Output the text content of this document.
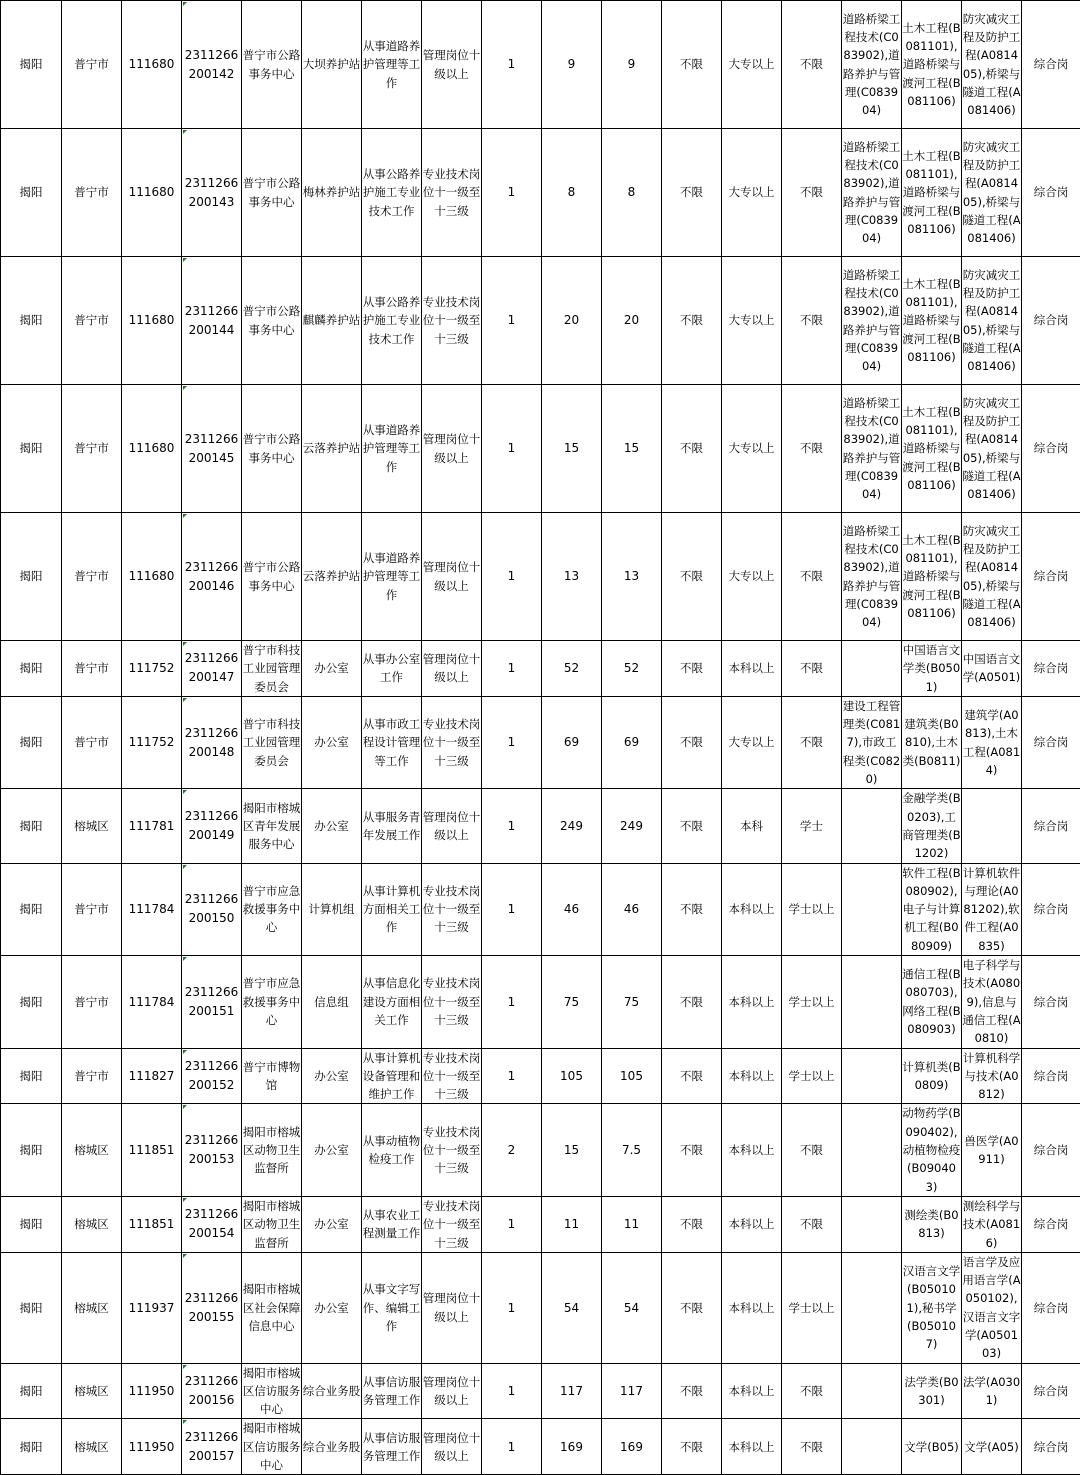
揭阳	普宁市	111680	2311266200142	普宁市公路事务中心	大坝养护站	从事道路养护管理等工作	管理岗位十级以上	1	9	9	不限	大专以上	不限	道路桥梁工程技术(C083902),道路养护与管理(C083904)	土木工程(B081101),道路桥梁与渡河工程(B081106)	防灾减灾工程及防护工程(A081405),桥梁与隧道工程(A081406)	综合岗
揭阳	普宁市	111680	2311266200143	普宁市公路事务中心	梅林养护站	从事公路养护施工专业技术工作	专业技术岗位十一级至十三级	1	8	8	不限	大专以上	不限	道路桥梁工程技术(C083902),道路养护与管理(C083904)	土木工程(B081101),道路桥梁与渡河工程(B081106)	防灾减灾工程及防护工程(A081405),桥梁与隧道工程(A081406)	综合岗
揭阳	普宁市	111680	2311266200144	普宁市公路事务中心	麒麟养护站	从事公路养护施工专业技术工作	专业技术岗位十一级至十三级	1	20	20	不限	大专以上	不限	道路桥梁工程技术(C083902),道路养护与管理(C083904)	土木工程(B081101),道路桥梁与渡河工程(B081106)	防灾减灾工程及防护工程(A081405),桥梁与隧道工程(A081406)	综合岗
揭阳	普宁市	111680	2311266200145	普宁市公路事务中心	云落养护站	从事道路养护管理等工作	管理岗位十级以上	1	15	15	不限	大专以上	不限	道路桥梁工程技术(C083902),道路养护与管理(C083904)	土木工程(B081101),道路桥梁与渡河工程(B081106)	防灾减灾工程及防护工程(A081405),桥梁与隧道工程(A081406)	综合岗
揭阳	普宁市	111680	2311266200146	普宁市公路事务中心	云落养护站	从事道路养护管理等工作	管理岗位十级以上	1	13	13	不限	大专以上	不限	道路桥梁工程技术(C083902),道路养护与管理(C083904)	土木工程(B081101),道路桥梁与渡河工程(B081106)	防灾减灾工程及防护工程(A081405),桥梁与隧道工程(A081406)	综合岗
揭阳	普宁市	111752	2311266200147	普宁市科技工业园管理委员会	办公室	从事办公室工作	管理岗位十级以上	1	52	52	不限	本科以上	不限		中国语言文学类(B0501)	中国语言文学(A0501)	综合岗
揭阳	普宁市	111752	2311266200148	普宁市科技工业园管理委员会	办公室	从事市政工程设计管理等工作	专业技术岗位十一级至十三级	1	69	69	不限	大专以上	不限	建设工程管理类(C0817),市政工程类(C0820)	建筑类(B0810),土木类(B0811)	建筑学(A0813),土木工程(A0814)	综合岗
揭阳	榕城区	111781	2311266200149	揭阳市榕城区青年发展服务中心	办公室	从事服务青年发展工作	管理岗位十级以上	1	249	249	不限	本科	学士		金融学类(B0203),工商管理类(B1202)		综合岗
揭阳	普宁市	111784	2311266200150	普宁市应急救援事务中心	计算机组	从事计算机方面相关工作	专业技术岗位十一级至十三级	1	46	46	不限	本科以上	学士以上		软件工程(B080902),电子与计算机工程(B080909)	计算机软件与理论(A081202),软件工程(A0835)	综合岗
揭阳	普宁市	111784	2311266200151	普宁市应急救援事务中心	信息组	从事信息化建设方面相关工作	专业技术岗位十一级至十三级	1	75	75	不限	本科以上	学士以上		通信工程(B080703),网络工程(B080903)	电子科学与技术(A0809),信息与通信工程(A0810)	综合岗
揭阳	普宁市	111827	2311266200152	普宁市博物馆	办公室	从事计算机设备管理和维护工作	专业技术岗位十一级至十三级	1	105	105	不限	本科以上	学士以上		计算机类(B0809)	计算机科学与技术(A0812)	综合岗
揭阳	榕城区	111851	2311266200153	揭阳市榕城区动物卫生监督所	办公室	从事动植物检疫工作	专业技术岗位十一级至十三级	2	15	7.5	不限	本科以上	不限		动物药学(B090402),动植物检疫(B090403)	兽医学(A0911)	综合岗
揭阳	榕城区	111851	2311266200154	揭阳市榕城区动物卫生监督所	办公室	从事农业工程测量工作	专业技术岗位十一级至十三级	1	11	11	不限	本科以上	不限		测绘类(B0813)	测绘科学与技术(A0816)	综合岗
揭阳	榕城区	111937	2311266200155	揭阳市榕城区社会保障信息中心	办公室	从事文字写作、编辑工作	管理岗位十级以上	1	54	54	不限	本科以上	学士以上		汉语言文学(B050101),秘书学(B050107)	语言学及应用语言学(A050102),汉语言文字学(A050103)	综合岗
揭阳	榕城区	111950	2311266200156	揭阳市榕城区信访服务中心	综合业务股	从事信访服务管理工作	管理岗位十级以上	1	117	117	不限	本科以上	不限		法学类(B0301)	法学(A0301)	综合岗
揭阳	榕城区	111950	2311266200157	揭阳市榕城区信访服务中心	综合业务股	从事信访服务管理工作	管理岗位十级以上	1	169	169	不限	本科以上	不限		文学(B05)	文学(A05)	综合岗
